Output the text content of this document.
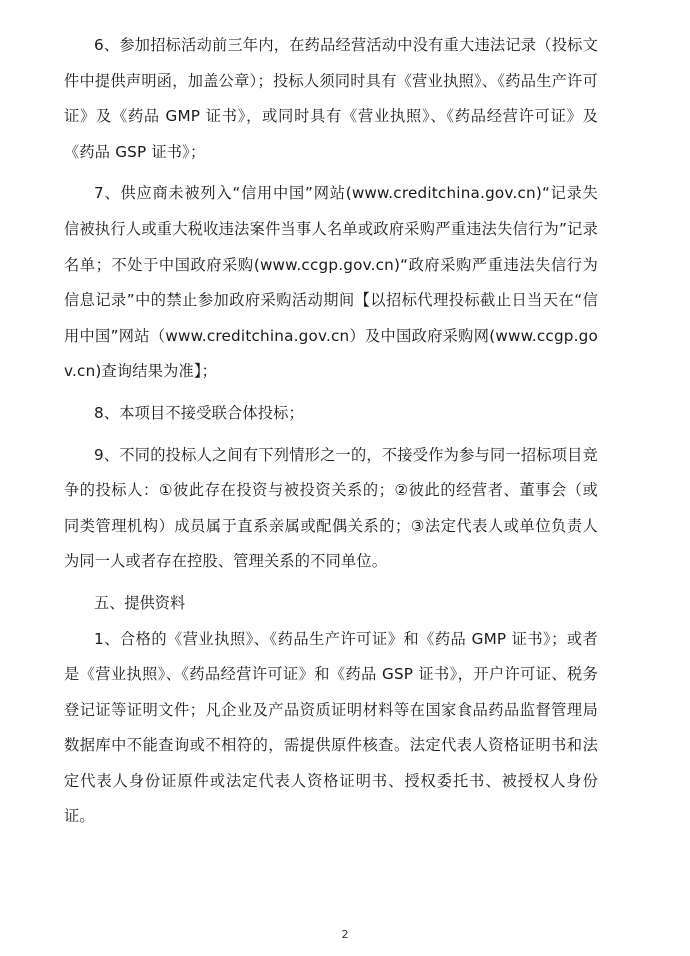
6、参加招标活动前三年内，在药品经营活动中没有重大违法记录（投标文件中提供声明函，加盖公章）；投标人须同时具有《营业执照》、《药品生产许可证》及《药品 GMP 证书》，或同时具有《营业执照》、《药品经营许可证》及《药品 GSP 证书》；

7、供应商未被列入“信用中国”网站(www.creditchina.gov.cn)“记录失信被执行人或重大税收违法案件当事人名单或政府采购严重违法失信行为”记录名单；不处于中国政府采购(www.ccgp.gov.cn)“政府采购严重违法失信行为信息记录”中的禁止参加政府采购活动期间【以招标代理投标截止日当天在“信用中国”网站（www.creditchina.gov.cn）及中国政府采购网(www.ccgp.gov.cn)查询结果为准】；

8、本项目不接受联合体投标；

9、不同的投标人之间有下列情形之一的，不接受作为参与同一招标项目竞争的投标人：①彼此存在投资与被投资关系的；②彼此的经营者、董事会（或同类管理机构）成员属于直系亲属或配偶关系的；③法定代表人或单位负责人为同一人或者存在控股、管理关系的不同单位。

五、提供资料

1、合格的《营业执照》、《药品生产许可证》和《药品 GMP 证书》；或者是《营业执照》、《药品经营许可证》和《药品 GSP 证书》，开户许可证、税务登记证等证明文件；凡企业及产品资质证明材料等在国家食品药品监督管理局数据库中不能查询或不相符的，需提供原件核查。法定代表人资格证明书和法定代表人身份证原件或法定代表人资格证明书、授权委托书、被授权人身份证。

2
